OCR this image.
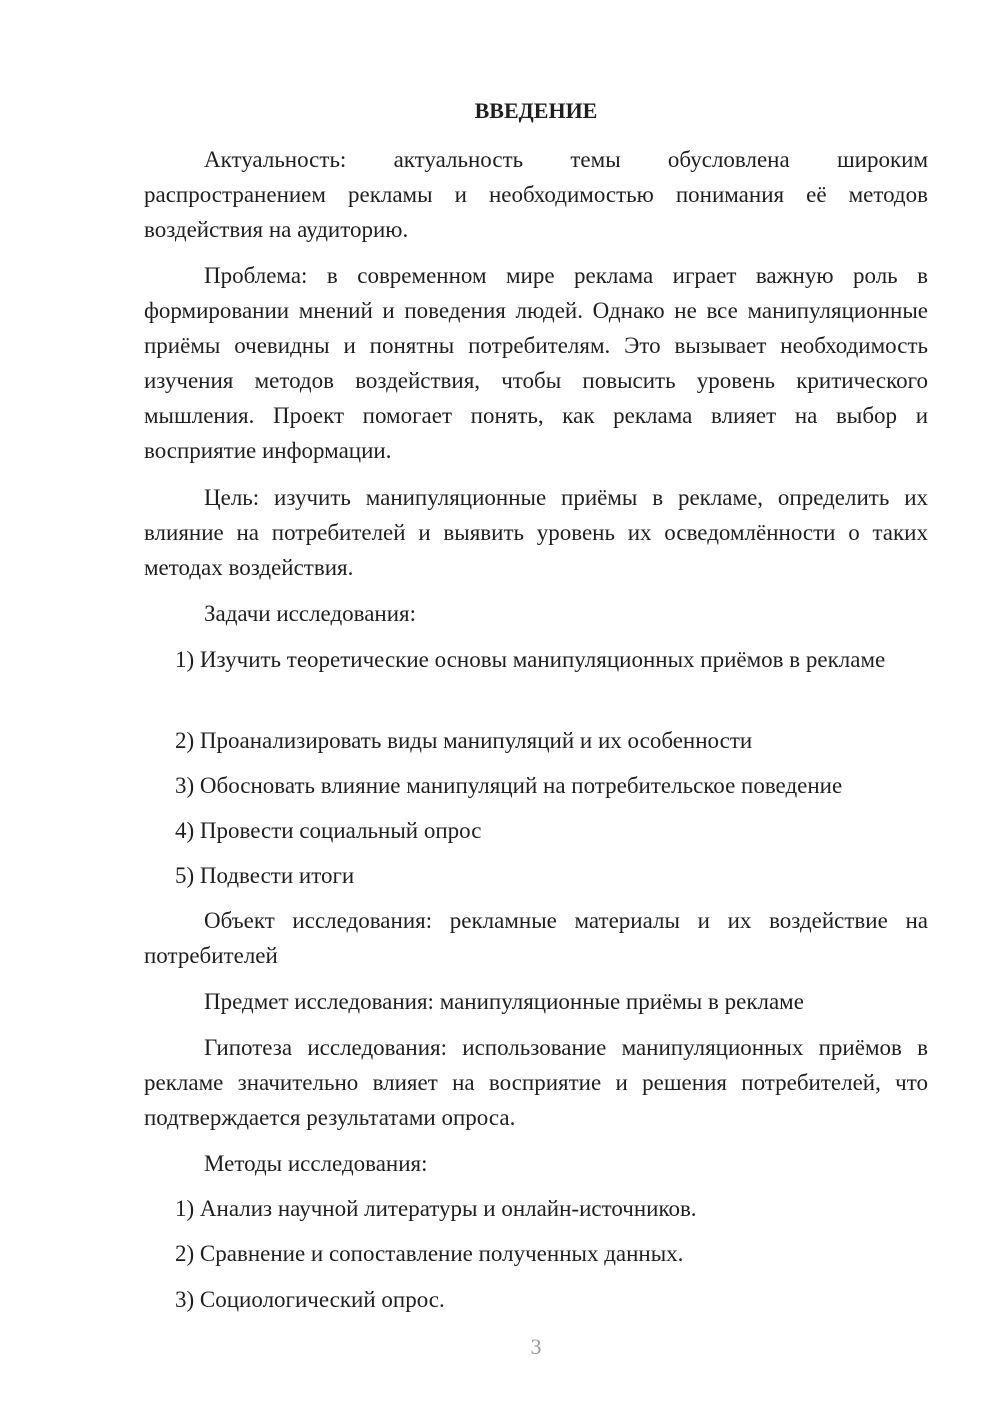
ВВЕДЕНИЕ

Актуальность: актуальность темы обусловлена широким распространением рекламы и необходимостью понимания её методов воздействия на аудиторию.

Проблема: в современном мире реклама играет важную роль в формировании мнений и поведения людей. Однако не все манипуляционные приёмы очевидны и понятны потребителям. Это вызывает необходимость изучения методов воздействия, чтобы повысить уровень критического мышления. Проект помогает понять, как реклама влияет на выбор и восприятие информации.

Цель: изучить манипуляционные приёмы в рекламе, определить их влияние на потребителей и выявить уровень их осведомлённости о таких методах воздействия.

Задачи исследования:

1) Изучить теоретические основы манипуляционных приёмов в рекламе

2) Проанализировать виды манипуляций и их особенности

3) Обосновать влияние манипуляций на потребительское поведение

4) Провести социальный опрос

5) Подвести итоги

Объект исследования: рекламные материалы и их воздействие на потребителей

Предмет исследования: манипуляционные приёмы в рекламе

Гипотеза исследования: использование манипуляционных приёмов в рекламе значительно влияет на восприятие и решения потребителей, что подтверждается результатами опроса.

Методы исследования:

1) Анализ научной литературы и онлайн-источников.

2) Сравнение и сопоставление полученных данных.

3) Социологический опрос.

3
